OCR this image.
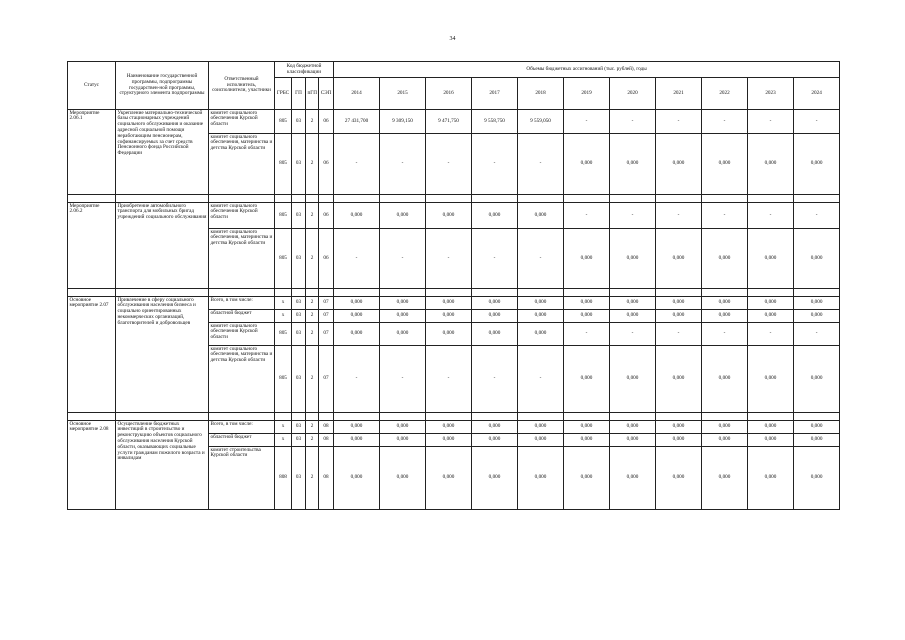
34
Статус	Наименование государственной программы, подпрограммы государствен-ной программы, структурного элемента подпрограммы	Ответственный исполнитель, соисполнители, участники	Код бюджетной классификации				Объемы бюджетных ассигнований (тыс. рублей), годы										
			ГРБС	ГП	пГП	СЭП	2014	2015	2016	2017	2018	2019	2020	2021	2022	2023	2024
Мероприятие 2.06.1	Укрепление материально-технической базы стационарных учреждений социального обслуживания и оказание адресной социальной помощи неработающим пенсионерам, софинансируемых за счет средств Пенсионного фонда Российской Федерации	комитет социального обеспечения Курской области	805	03	2	06	27 431,700	9 309,150	9 471,750	9 558,750	9 559,050	-	-	-	-	-	-
		комитет социального обеспечения, материнства и детства Курской области	805	03	2	06	-	-	-	-	-	0,000	0,000	0,000	0,000	0,000	0,000

Мероприятие 2.06.2	Приобретение автомобильного транспорта для мобильных бригад учреждений социального обслуживания	комитет социального обеспечения Курской области	805	03	2	06	0,000	0,000	0,000	0,000	0,000	-	-	-	-	-	-
		комитет социального обеспечения, материнства и детства Курской области	805	03	2	06	-	-	-	-	-	0,000	0,000	0,000	0,000	0,000	0,000

Основное мероприятие 2.07	Привлечение в сферу социального обслуживания населения бизнеса и социально ориентированных некоммерческих организаций, благотворителей и добровольцев	Всего, в том числе:	х	03	2	07	0,000	0,000	0,000	0,000	0,000	0,000	0,000	0,000	0,000	0,000	0,000
		областной бюджет	х	03	2	07	0,000	0,000	0,000	0,000	0,000	0,000	0,000	0,000	0,000	0,000	0,000
		комитет социального обеспечения Курской области	805	03	2	07	0,000	0,000	0,000	0,000	0,000	-	-	-	-	-	-
		комитет социального обеспечения, материнства и детства Курской области	805	03	2	07	-	-	-	-	-	0,000	0,000	0,000	0,000	0,000	0,000

Основное мероприятие 2.08	Осуществление бюджетных инвестиций в строительство и реконструкцию объектов социального обслуживания населения Курской области, оказывающих социальные услуги гражданам пожилого возраста и инвалидам	Всего, в том числе:	х	03	2	08	0,000	0,000	0,000	0,000	0,000	0,000	0,000	0,000	0,000	0,000	0,000
		областной бюджет	х	03	2	08	0,000	0,000	0,000	0,000	0,000	0,000	0,000	0,000	0,000	0,000	0,000
		комитет строительства Курской области	808	03	2	08	0,000	0,000	0,000	0,000	0,000	0,000	0,000	0,000	0,000	0,000	0,000
